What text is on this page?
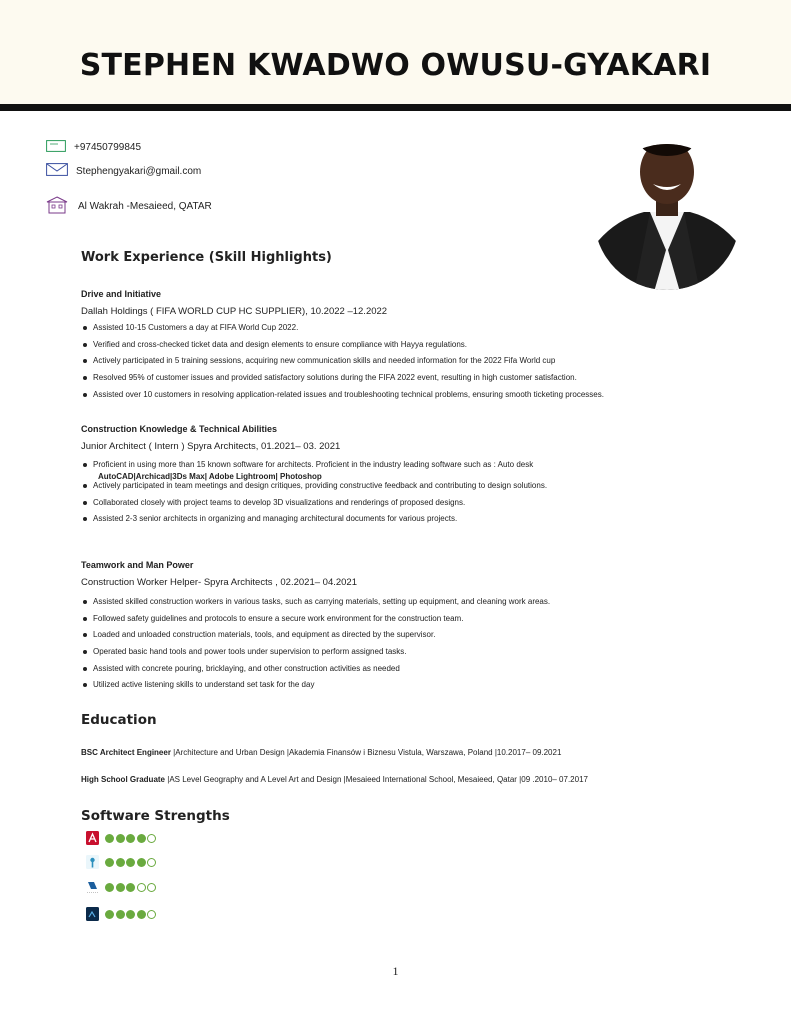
STEPHEN KWADWO OWUSU-GYAKARI
+97450799845
Stephengyakari@gmail.com
Al Wakrah -Mesaieed, QATAR
Work Experience (Skill Highlights)
Drive and Initiative
Dallah Holdings ( FIFA WORLD CUP HC SUPPLIER), 10.2022 –12.2022
Assisted 10-15 Customers a day at FIFA World Cup 2022.
Verified and cross-checked ticket data and design elements to ensure compliance with Hayya regulations.
Actively participated in 5 training sessions, acquiring new communication skills and needed information for the 2022 Fifa World cup
Resolved 95% of customer issues and provided satisfactory solutions during the FIFA 2022 event, resulting in high customer satisfaction.
Assisted over 10 customers in resolving application-related issues and troubleshooting technical problems, ensuring smooth ticketing processes.
Construction Knowledge & Technical Abilities
Junior Architect ( Intern ) Spyra Architects, 01.2021– 03. 2021
Proficient in using more than 15 known software for architects. Proficient in the industry leading software such as : Auto desk
AutoCAD|Archicad|3Ds Max| Adobe Lightroom| Photoshop
Actively participated in team meetings and design critiques, providing constructive feedback and contributing to design solutions.
Collaborated closely with project teams to develop 3D visualizations and renderings of proposed designs.
Assisted 2-3 senior architects in organizing and managing architectural documents for various projects.
Teamwork and Man Power
Construction Worker Helper- Spyra Architects , 02.2021– 04.2021
Assisted skilled construction workers in various tasks, such as carrying materials, setting up equipment, and cleaning work areas.
Followed safety guidelines and protocols to ensure a secure work environment for the construction team.
Loaded and unloaded construction materials, tools, and equipment as directed by the supervisor.
Operated basic hand tools and power tools under supervision to perform assigned tasks.
Assisted with concrete pouring, bricklaying, and other construction activities as needed
Utilized active listening skills to understand set task for the day
Education
BSC Architect Engineer |Architecture and Urban Design |Akademia Finansów i Biznesu Vistula, Warszawa, Poland |10.2017– 09.2021
High School Graduate |AS Level Geography and A Level Art and Design |Mesaieed International School, Mesaieed, Qatar |09 .2010– 07.2017
Software Strengths
1
